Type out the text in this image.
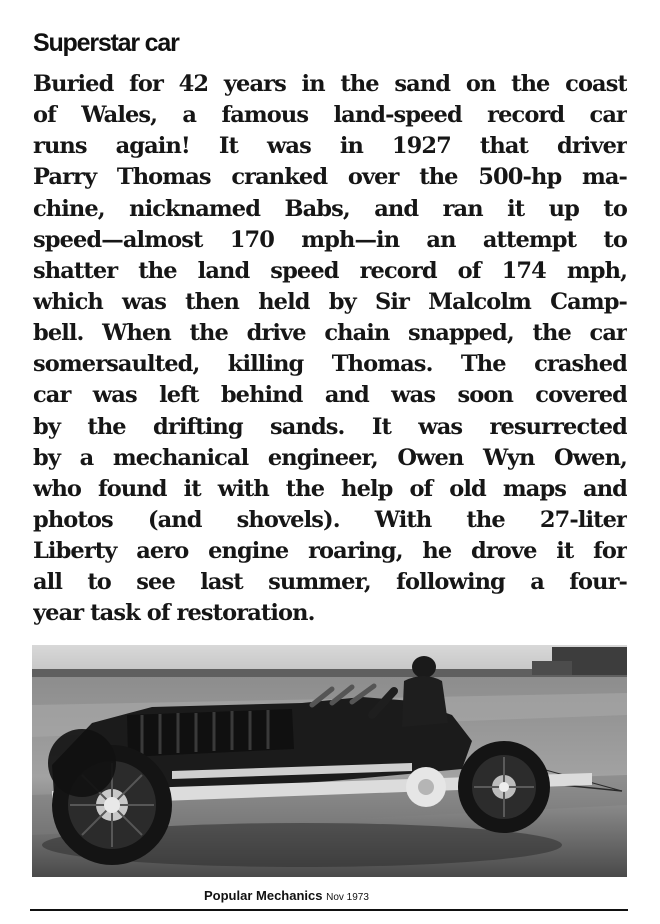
Superstar car
Buried for 42 years in the sand on the coast
of Wales, a famous land-speed record car
runs again! It was in 1927 that driver
Parry Thomas cranked over the 500-hp ma-
chine, nicknamed Babs, and ran it up to
speed—almost 170 mph—in an attempt to
shatter the land speed record of 174 mph,
which was then held by Sir Malcolm Camp-
bell. When the drive chain snapped, the car
somersaulted, killing Thomas. The crashed
car was left behind and was soon covered
by the drifting sands. It was resurrected
by a mechanical engineer, Owen Wyn Owen,
who found it with the help of old maps and
photos (and shovels). With the 27-liter
Liberty aero engine roaring, he drove it for
all to see last summer, following a four-
year task of restoration.
Popular Mechanics Nov 1973
